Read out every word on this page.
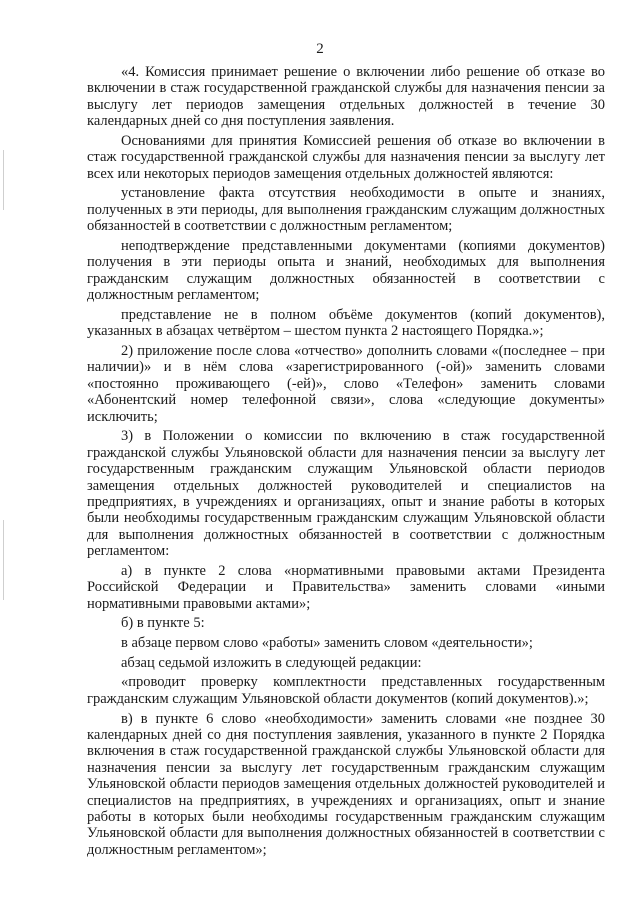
2

«4. Комиссия принимает решение о включении либо решение об отказе во включении в стаж государственной гражданской службы для назначения пенсии за выслугу лет периодов замещения отдельных должностей в течение 30 календарных дней со дня поступления заявления.

Основаниями для принятия Комиссией решения об отказе во включении в стаж государственной гражданской службы для назначения пенсии за выслугу лет всех или некоторых периодов замещения отдельных должностей являются:

установление факта отсутствия необходимости в опыте и знаниях, полученных в эти периоды, для выполнения гражданским служащим должностных обязанностей в соответствии с должностным регламентом;

неподтверждение представленными документами (копиями документов) получения в эти периоды опыта и знаний, необходимых для выполнения гражданским служащим должностных обязанностей в соответствии с должностным регламентом;

представление не в полном объёме документов (копий документов), указанных в абзацах четвёртом – шестом пункта 2 настоящего Порядка.»;

2) приложение после слова «отчество» дополнить словами «(последнее – при наличии)» и в нём слова «зарегистрированного (-ой)» заменить словами «постоянно проживающего (-ей)», слово «Телефон» заменить словами «Абонентский номер телефонной связи», слова «следующие документы» исключить;

3) в Положении о комиссии по включению в стаж государственной гражданской службы Ульяновской области для назначения пенсии за выслугу лет государственным гражданским служащим Ульяновской области периодов замещения отдельных должностей руководителей и специалистов на предприятиях, в учреждениях и организациях, опыт и знание работы в которых были необходимы государственным гражданским служащим Ульяновской области для выполнения должностных обязанностей в соответствии с должностным регламентом:

а) в пункте 2 слова «нормативными правовыми актами Президента Российской Федерации и Правительства» заменить словами «иными нормативными правовыми актами»;

б) в пункте 5:

в абзаце первом слово «работы» заменить словом «деятельности»;

абзац седьмой изложить в следующей редакции:

«проводит проверку комплектности представленных государственным гражданским служащим Ульяновской области документов (копий документов).»;

в) в пункте 6 слово «необходимости» заменить словами «не позднее 30 календарных дней со дня поступления заявления, указанного в пункте 2 Порядка включения в стаж государственной гражданской службы Ульяновской области для назначения пенсии за выслугу лет государственным гражданским служащим Ульяновской области периодов замещения отдельных должностей руководителей и специалистов на предприятиях, в учреждениях и организациях, опыт и знание работы в которых были необходимы государственным гражданским служащим Ульяновской области для выполнения должностных обязанностей в соответствии с должностным регламентом»;
